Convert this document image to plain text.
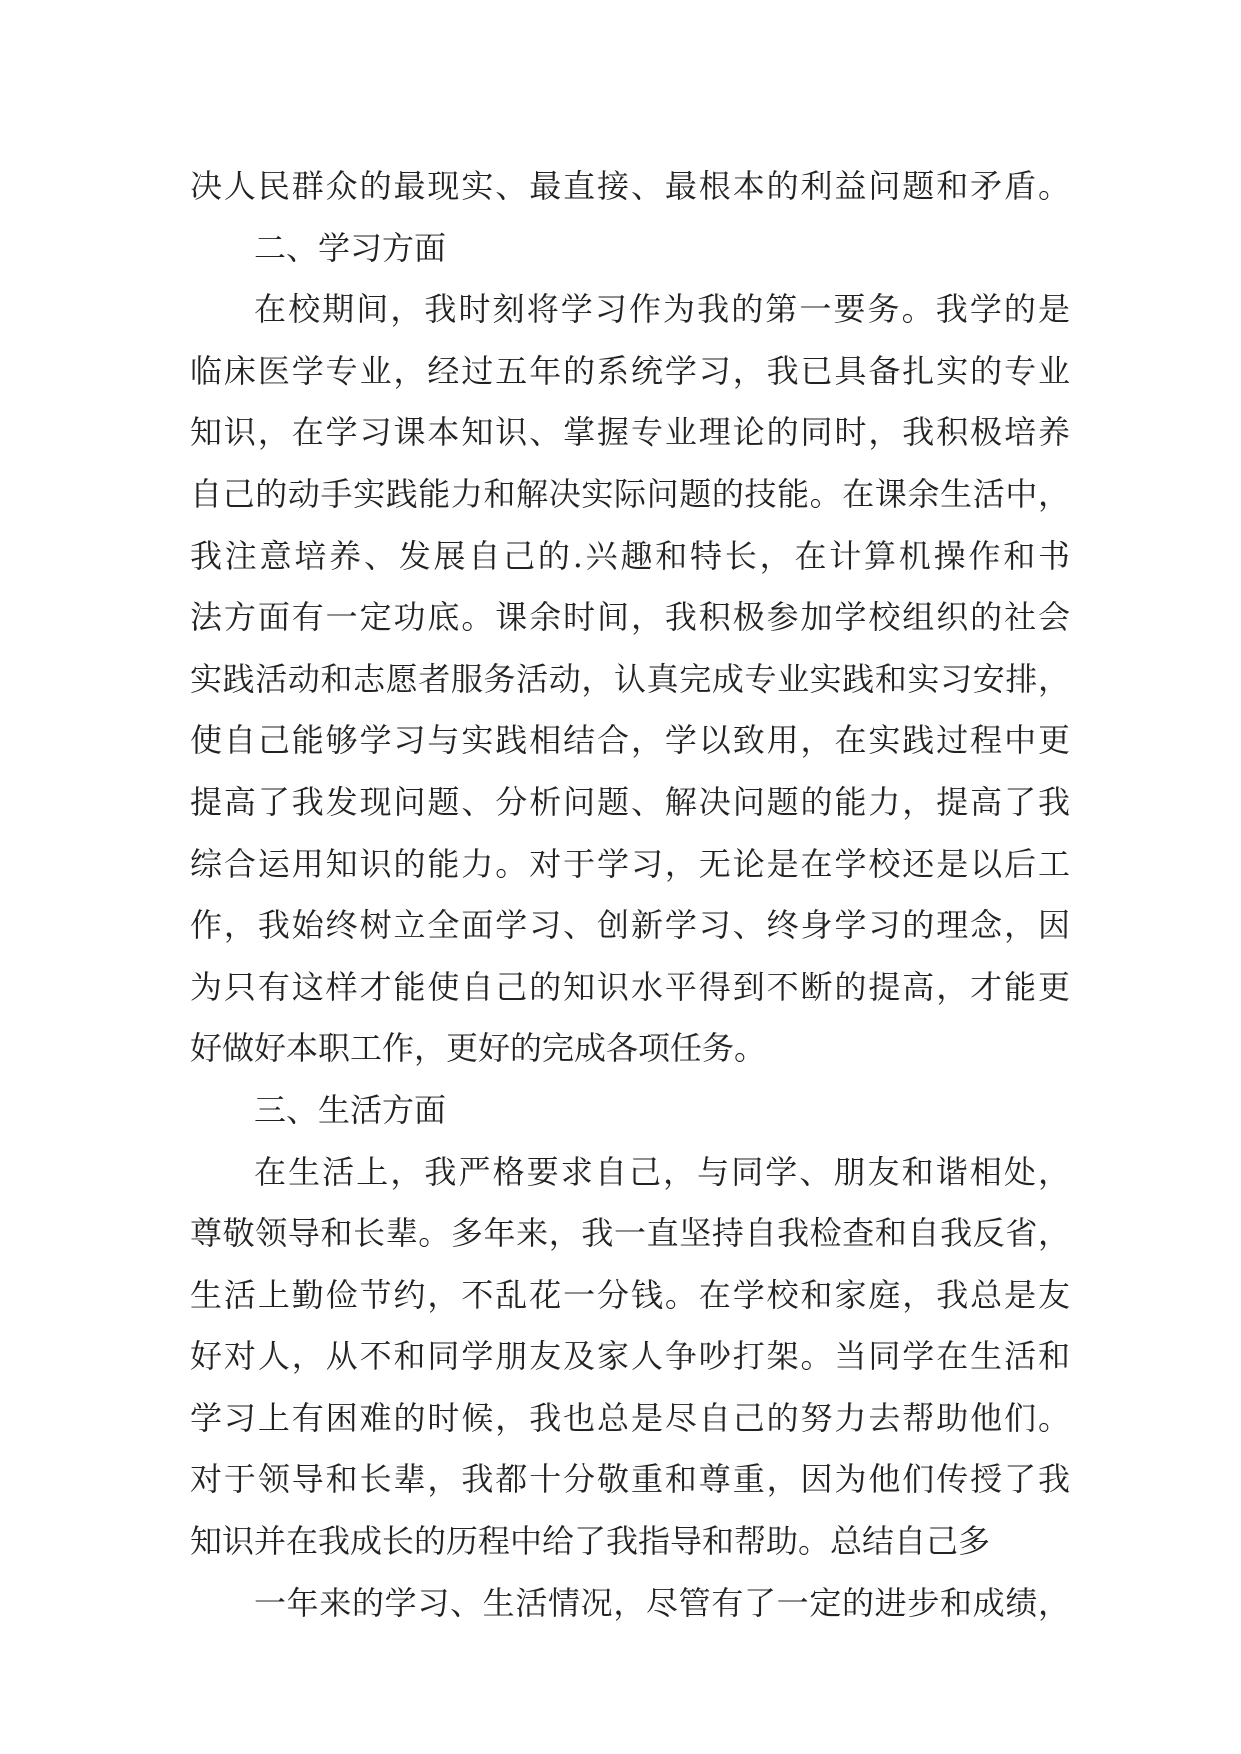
决人民群众的最现实、最直接、最根本的利益问题和矛盾。
二、学习方面
在校期间，我时刻将学习作为我的第一要务。我学的是
临床医学专业，经过五年的系统学习，我已具备扎实的专业
知识，在学习课本知识、掌握专业理论的同时，我积极培养
自己的动手实践能力和解决实际问题的技能。在课余生活中，
我注意培养、发展自己的.兴趣和特长，在计算机操作和书
法方面有一定功底。课余时间，我积极参加学校组织的社会
实践活动和志愿者服务活动，认真完成专业实践和实习安排，
使自己能够学习与实践相结合，学以致用，在实践过程中更
提高了我发现问题、分析问题、解决问题的能力，提高了我
综合运用知识的能力。对于学习，无论是在学校还是以后工
作，我始终树立全面学习、创新学习、终身学习的理念，因
为只有这样才能使自己的知识水平得到不断的提高，才能更
好做好本职工作，更好的完成各项任务。
三、生活方面
在生活上，我严格要求自己，与同学、朋友和谐相处，
尊敬领导和长辈。多年来，我一直坚持自我检查和自我反省，
生活上勤俭节约，不乱花一分钱。在学校和家庭，我总是友
好对人，从不和同学朋友及家人争吵打架。当同学在生活和
学习上有困难的时候，我也总是尽自己的努力去帮助他们。
对于领导和长辈，我都十分敬重和尊重，因为他们传授了我
知识并在我成长的历程中给了我指导和帮助。总结自己多
一年来的学习、生活情况，尽管有了一定的进步和成绩，
